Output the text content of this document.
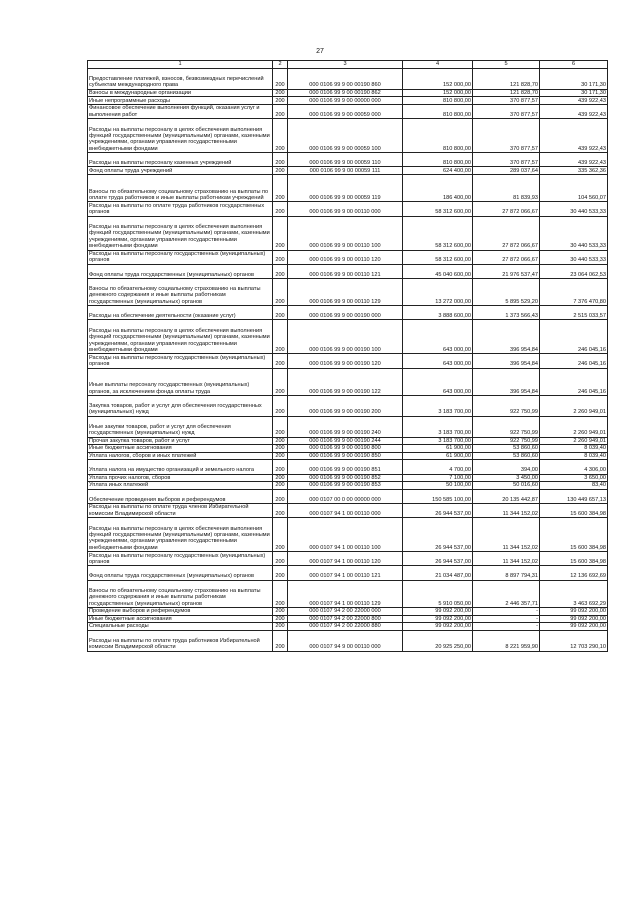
27
1	2	3	4	5	6
Предоставление платежей, взносов, безвозмездных перечислений субъектам международного права	200	000 0106 99 9 00 00190 860	152 000,00	121 828,70	30 171,30
Взносы в международные организации	200	000 0106 99 9 00 00190 862	152 000,00	121 828,70	30 171,30
Иные непрограммные расходы	200	000 0106 99 9 00 00000 000	810 800,00	370 877,57	439 922,43
Финансовое обеспечение выполнения функций, оказания услуг и выполнения работ	200	000 0106 99 9 00 00059 000	810 800,00	370 877,57	439 922,43
Расходы на выплаты персоналу в целях обеспечения выполнения функций государственными (муниципальными) органами, казенными учреждениями, органами управления государственными внебюджетными фондами	200	000 0106 99 9 00 00059 100	810 800,00	370 877,57	439 922,43
Расходы на выплаты персоналу казенных учреждений	200	000 0106 99 9 00 00059 110	810 800,00	370 877,57	439 922,43
Фонд оплаты труда учреждений	200	000 0106 99 9 00 00059 111	624 400,00	289 037,64	335 362,36
Взносы по обязательному социальному страхованию на выплаты по оплате труда работников и иные выплаты работникам учреждений	200	000 0106 99 9 00 00059 119	186 400,00	81 839,93	104 560,07
Расходы на выплаты по оплате труда работников государственных органов	200	000 0106 99 9 00 00110 000	58 312 600,00	27 872 066,67	30 440 533,33
Расходы на выплаты персоналу в целях обеспечения выполнения функций государственными (муниципальными) органами, казенными учреждениями, органами управления государственными внебюджетными фондами	200	000 0106 99 9 00 00110 100	58 312 600,00	27 872 066,67	30 440 533,33
Расходы на выплаты персоналу государственных (муниципальных) органов	200	000 0106 99 9 00 00110 120	58 312 600,00	27 872 066,67	30 440 533,33
Фонд оплаты труда государственных (муниципальных) органов	200	000 0106 99 9 00 00110 121	45 040 600,00	21 976 537,47	23 064 062,53
Взносы по обязательному социальному страхованию на выплаты денежного содержания и иные выплаты работникам государственных (муниципальных) органов	200	000 0106 99 9 00 00110 129	13 272 000,00	5 895 529,20	7 376 470,80
Расходы на обеспечение деятельности (оказание услуг)	200	000 0106 99 9 00 00190 000	3 888 600,00	1 373 566,43	2 515 033,57
Расходы на выплаты персоналу в целях обеспечения выполнения функций государственными (муниципальными) органами, казенными учреждениями, органами управления государственными внебюджетными фондами	200	000 0106 99 9 00 00190 100	643 000,00	396 954,84	246 045,16
Расходы на выплаты персоналу государственных (муниципальных) органов	200	000 0106 99 9 00 00190 120	643 000,00	396 954,84	246 045,16
Иные выплаты персоналу государственных (муниципальных) органов, за исключением фонда оплаты труда	200	000 0106 99 9 00 00190 122	643 000,00	396 954,84	246 045,16
Закупка товаров, работ и услуг для обеспечения государственных (муниципальных) нужд	200	000 0106 99 9 00 00190 200	3 183 700,00	922 750,99	2 260 949,01
Иные закупки товаров, работ и услуг для обеспечения государственных (муниципальных) нужд	200	000 0106 99 9 00 00190 240	3 183 700,00	922 750,99	2 260 949,01
Прочая закупка товаров, работ и услуг	200	000 0106 99 9 00 00190 244	3 183 700,00	922 750,99	2 260 949,01
Иные бюджетные ассигнования	200	000 0106 99 9 00 00190 800	61 900,00	53 860,60	8 039,40
Уплата налогов, сборов и иных платежей	200	000 0106 99 9 00 00190 850	61 900,00	53 860,60	8 039,40
Уплата налога на имущество организаций и земельного налога	200	000 0106 99 9 00 00190 851	4 700,00	394,00	4 306,00
Уплата прочих налогов, сборов	200	000 0106 99 9 00 00190 852	7 100,00	3 450,00	3 650,00
Уплата иных платежей	200	000 0106 99 9 00 00190 853	50 100,00	50 016,60	83,40
Обеспечение проведения выборов и референдумов	200	000 0107 00 0 00 00000 000	150 585 100,00	20 135 442,87	130 449 657,13
Расходы на выплаты по оплате труда членов Избирательной комиссии Владимирской области	200	000 0107 94 1 00 00110 000	26 944 537,00	11 344 152,02	15 600 384,98
Расходы на выплаты персоналу в целях обеспечения выполнения функций государственными (муниципальными) органами, казенными учреждениями, органами управления государственными внебюджетными фондами	200	000 0107 94 1 00 00110 100	26 944 537,00	11 344 152,02	15 600 384,98
Расходы на выплаты персоналу государственных (муниципальных) органов	200	000 0107 94 1 00 00110 120	26 944 537,00	11 344 152,02	15 600 384,98
Фонд оплаты труда государственных (муниципальных) органов	200	000 0107 94 1 00 00110 121	21 034 487,00	8 897 794,31	12 136 692,69
Взносы по обязательному социальному страхованию на выплаты денежного содержания и иные выплаты работникам государственных (муниципальных) органов	200	000 0107 94 1 00 00110 129	5 910 050,00	2 446 357,71	3 463 692,29
Проведение выборов и референдумов	200	000 0107 94 2 00 22000 000	99 092 200,00	-	99 092 200,00
Иные бюджетные ассигнования	200	000 0107 94 2 00 22000 800	99 092 200,00	-	99 092 200,00
Специальные расходы	200	000 0107 94 2 00 22000 880	99 092 200,00	-	99 092 200,00
Расходы на выплаты по оплате труда работников Избирательной комиссии Владимирской области	200	000 0107 94 9 00 00110 000	20 925 250,00	8 221 959,90	12 703 290,10
